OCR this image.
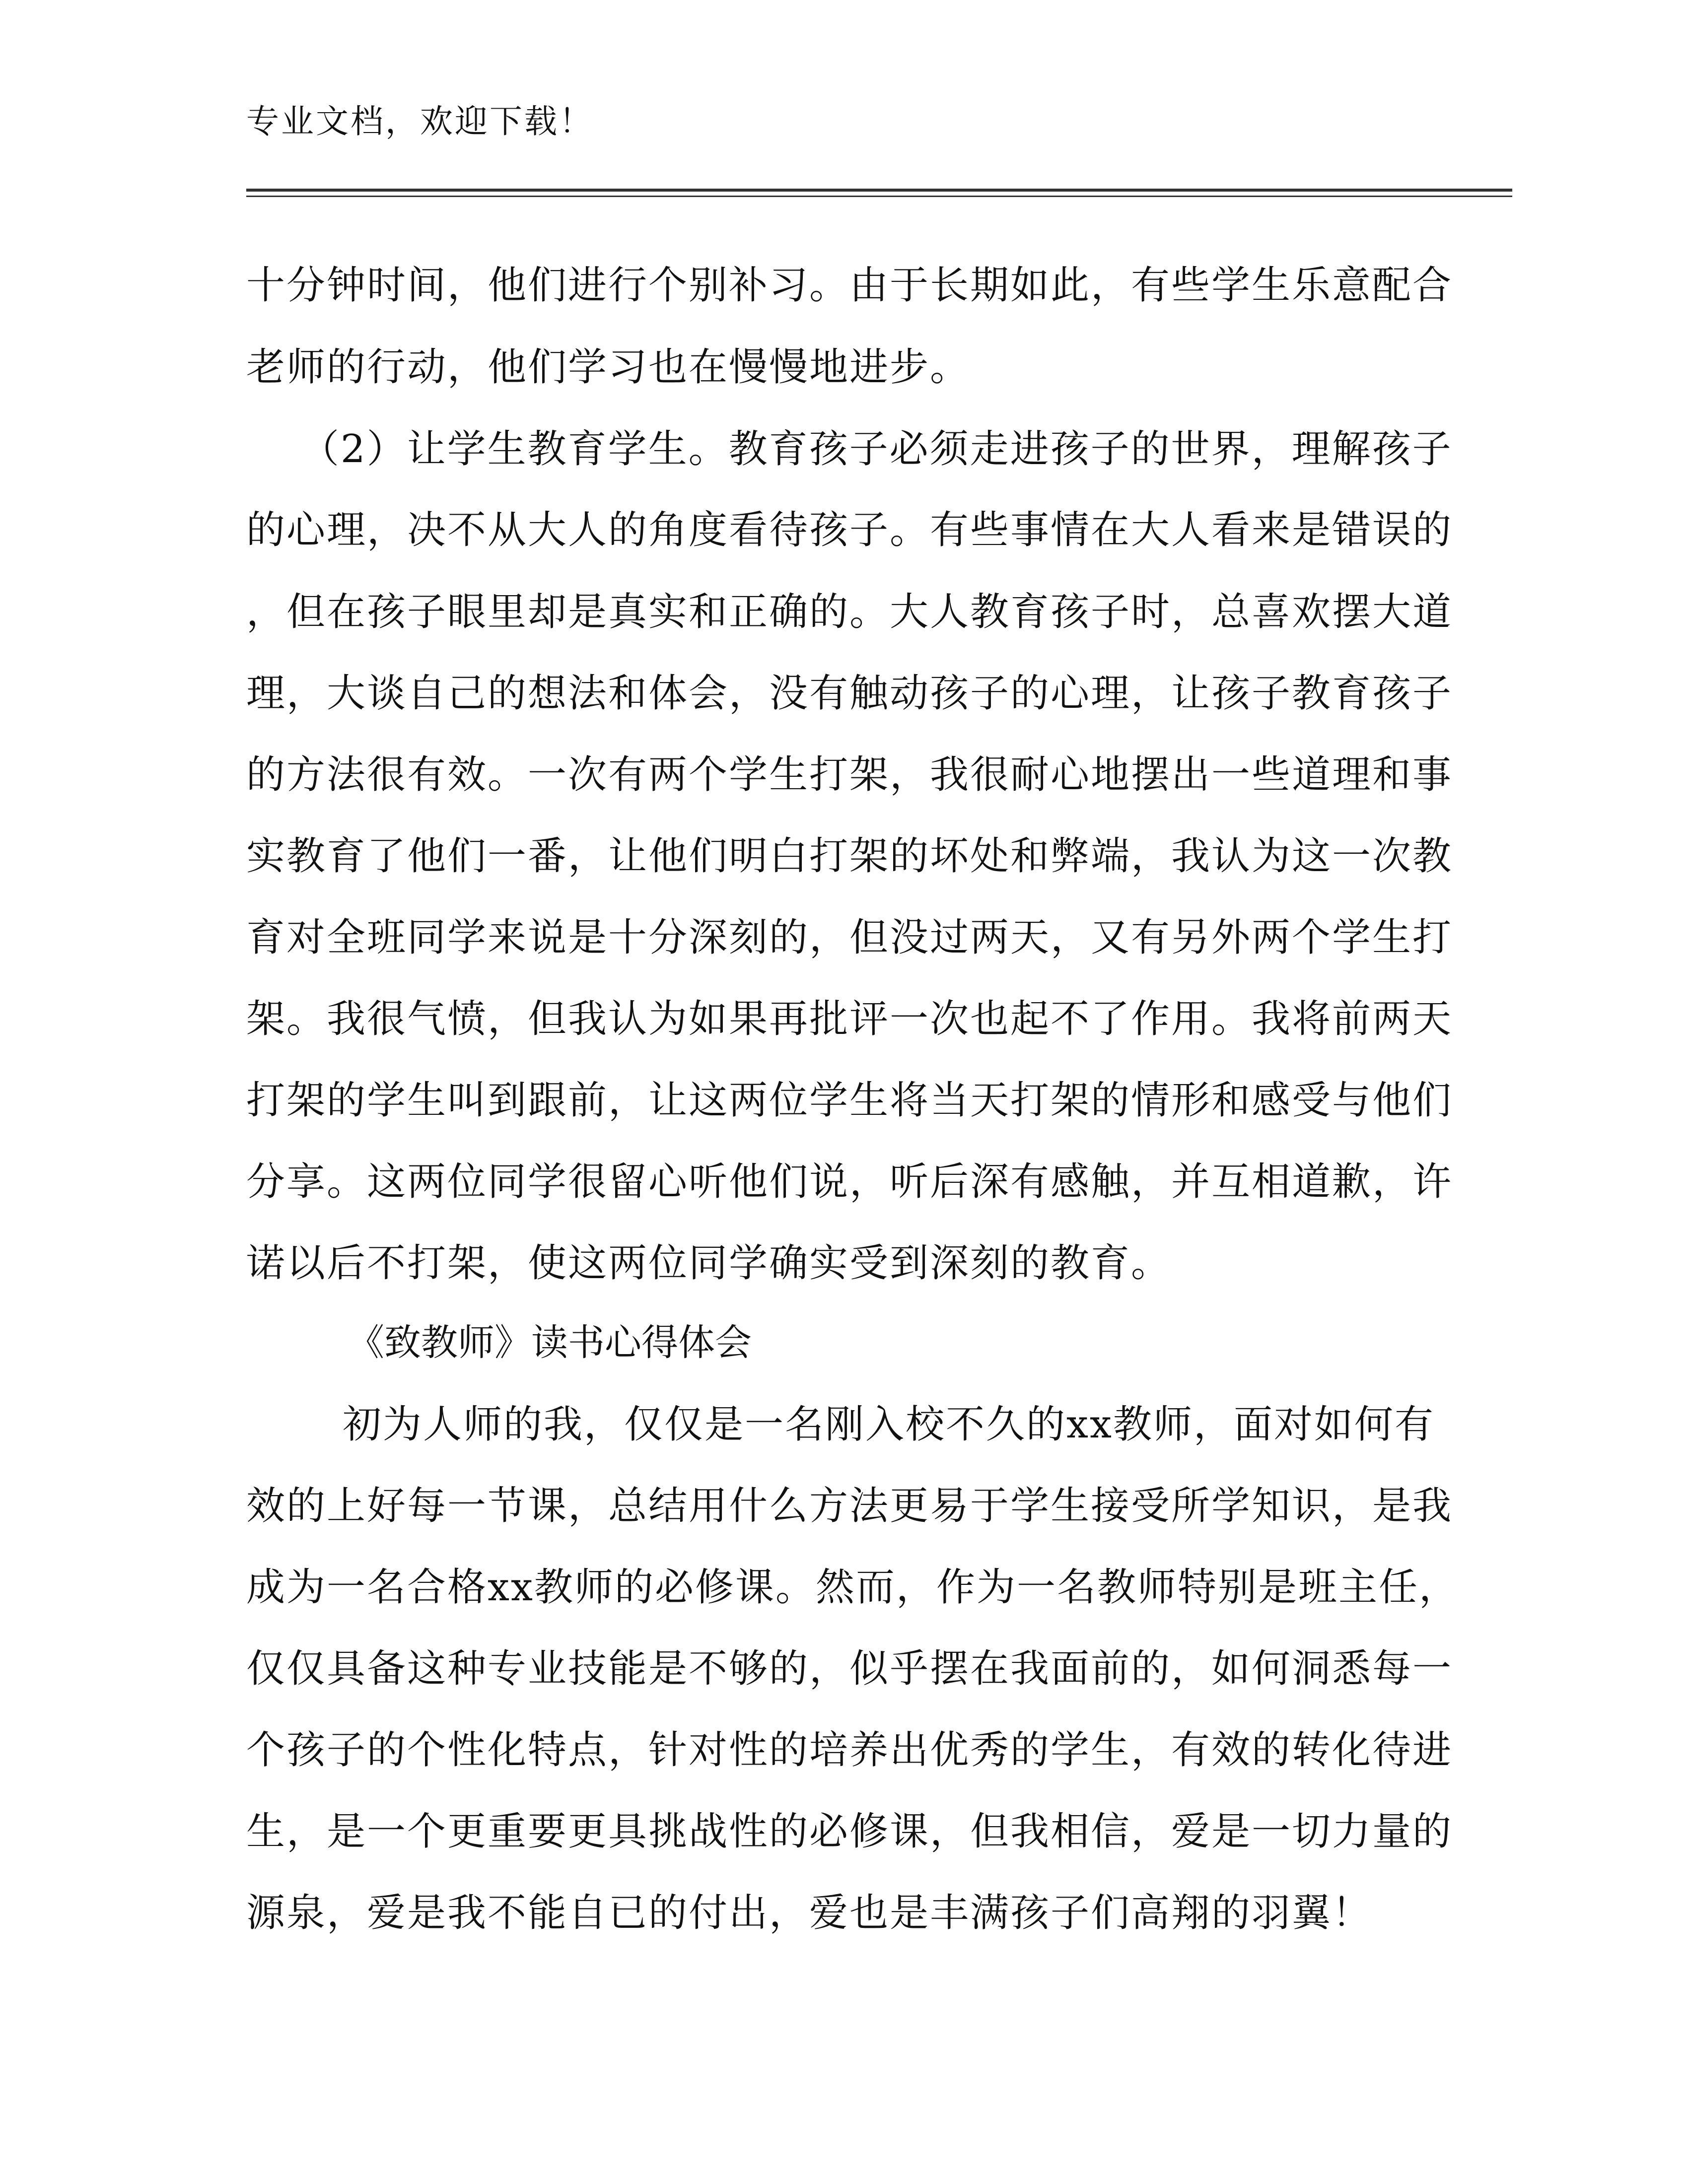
专业文档，欢迎下载！
十分钟时间，他们进行个别补习。由于长期如此，有些学生乐意配合
老师的行动，他们学习也在慢慢地进步。
（2）让学生教育学生。教育孩子必须走进孩子的世界，理解孩子
的心理，决不从大人的角度看待孩子。有些事情在大人看来是错误的
，但在孩子眼里却是真实和正确的。大人教育孩子时，总喜欢摆大道
理，大谈自己的想法和体会，没有触动孩子的心理，让孩子教育孩子
的方法很有效。一次有两个学生打架，我很耐心地摆出一些道理和事
实教育了他们一番，让他们明白打架的坏处和弊端，我认为这一次教
育对全班同学来说是十分深刻的，但没过两天，又有另外两个学生打
架。我很气愤，但我认为如果再批评一次也起不了作用。我将前两天
打架的学生叫到跟前，让这两位学生将当天打架的情形和感受与他们
分享。这两位同学很留心听他们说，听后深有感触，并互相道歉，许
诺以后不打架，使这两位同学确实受到深刻的教育。
《致教师》读书心得体会
初为人师的我，仅仅是一名刚入校不久的xx教师，面对如何有
效的上好每一节课，总结用什么方法更易于学生接受所学知识，是我
成为一名合格xx教师的必修课。然而，作为一名教师特别是班主任，
仅仅具备这种专业技能是不够的，似乎摆在我面前的，如何洞悉每一
个孩子的个性化特点，针对性的培养出优秀的学生，有效的转化待进
生，是一个更重要更具挑战性的必修课，但我相信，爱是一切力量的
源泉，爱是我不能自已的付出，爱也是丰满孩子们高翔的羽翼！
